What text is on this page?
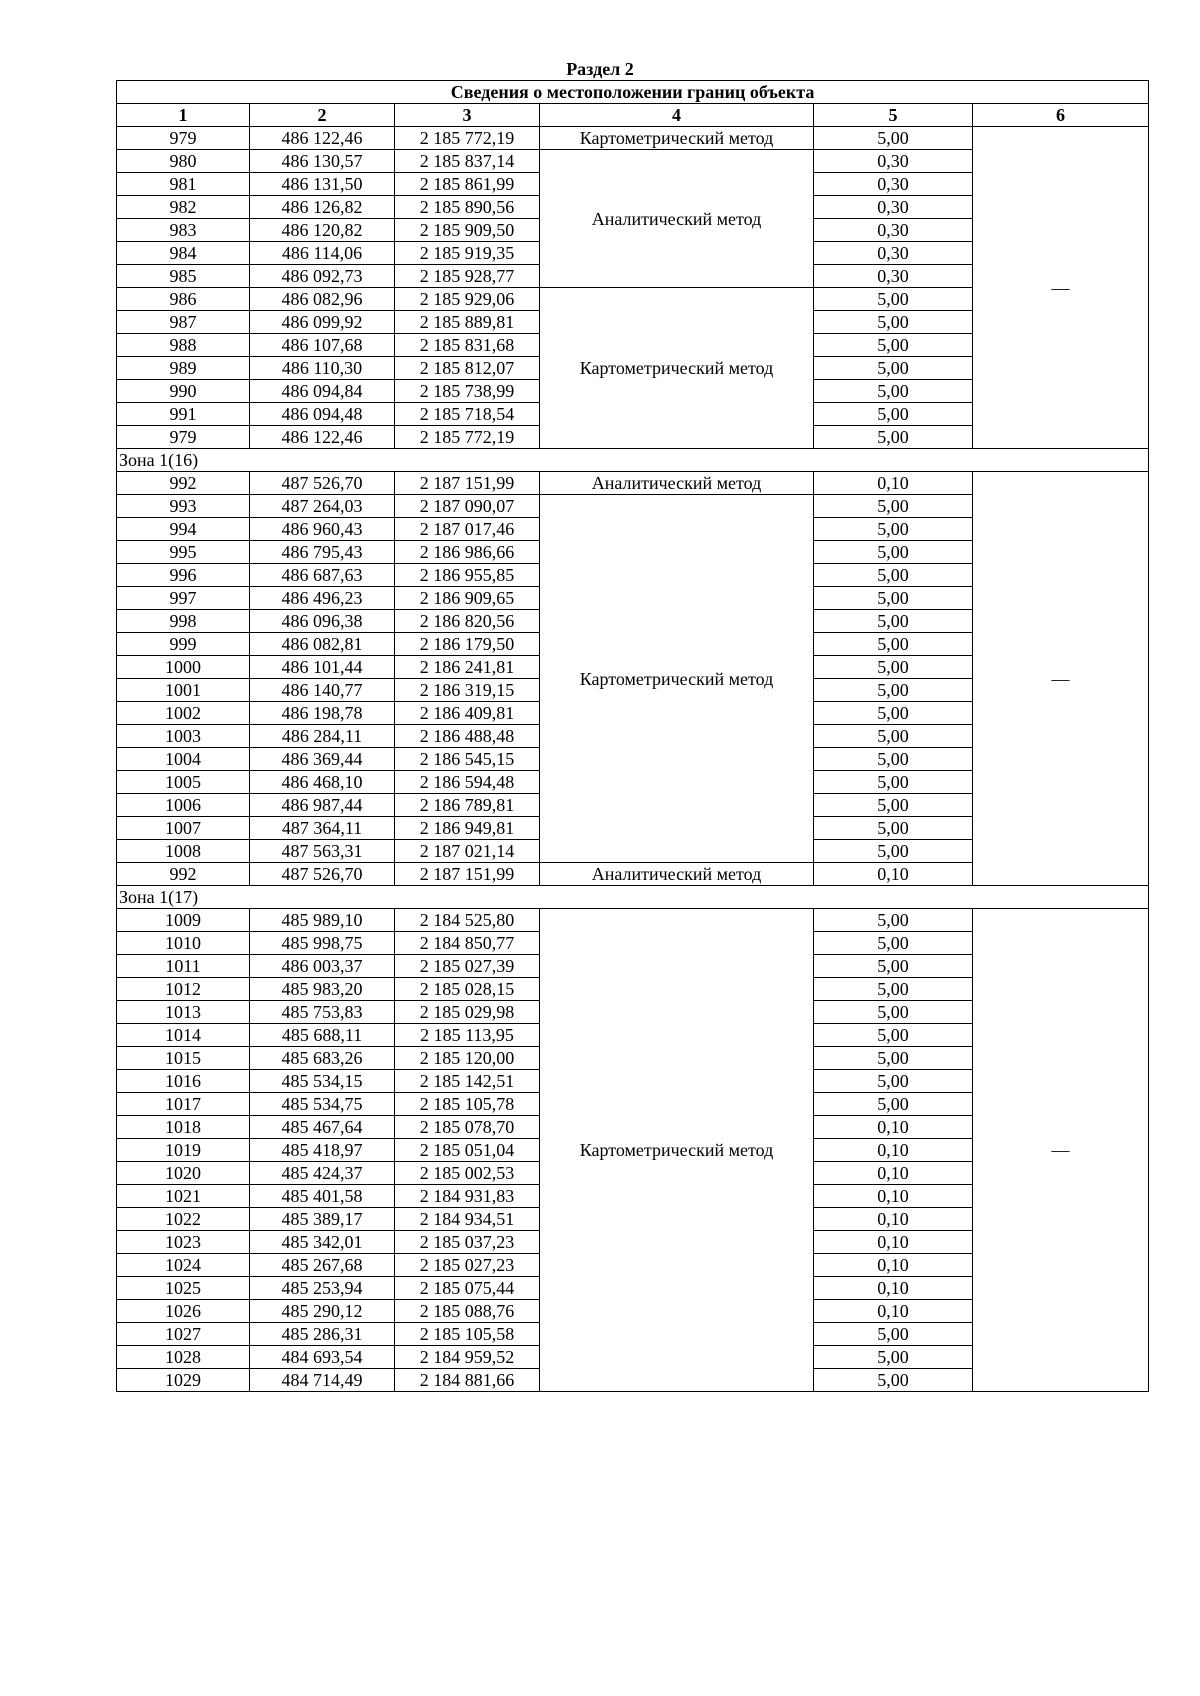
Раздел 2
Сведения о местоположении границ объекта					
1	2	3	4	5	6
979	486 122,46	2 185 772,19	Картометрический метод	5,00	—
980	486 130,57	2 185 837,14	Аналитический метод	0,30	
981	486 131,50	2 185 861,99		0,30	
982	486 126,82	2 185 890,56		0,30	
983	486 120,82	2 185 909,50		0,30	
984	486 114,06	2 185 919,35		0,30	
985	486 092,73	2 185 928,77		0,30	
986	486 082,96	2 185 929,06	Картометрический метод	5,00	
987	486 099,92	2 185 889,81		5,00	
988	486 107,68	2 185 831,68		5,00	
989	486 110,30	2 185 812,07		5,00	
990	486 094,84	2 185 738,99		5,00	
991	486 094,48	2 185 718,54		5,00	
979	486 122,46	2 185 772,19		5,00	
Зона 1(16)					
992	487 526,70	2 187 151,99	Аналитический метод	0,10	—
993	487 264,03	2 187 090,07	Картометрический метод	5,00	
994	486 960,43	2 187 017,46		5,00	
995	486 795,43	2 186 986,66		5,00	
996	486 687,63	2 186 955,85		5,00	
997	486 496,23	2 186 909,65		5,00	
998	486 096,38	2 186 820,56		5,00	
999	486 082,81	2 186 179,50		5,00	
1000	486 101,44	2 186 241,81		5,00	
1001	486 140,77	2 186 319,15		5,00	
1002	486 198,78	2 186 409,81		5,00	
1003	486 284,11	2 186 488,48		5,00	
1004	486 369,44	2 186 545,15		5,00	
1005	486 468,10	2 186 594,48		5,00	
1006	486 987,44	2 186 789,81		5,00	
1007	487 364,11	2 186 949,81		5,00	
1008	487 563,31	2 187 021,14		5,00	
992	487 526,70	2 187 151,99	Аналитический метод	0,10	
Зона 1(17)					
1009	485 989,10	2 184 525,80	Картометрический метод	5,00	—
1010	485 998,75	2 184 850,77		5,00	
1011	486 003,37	2 185 027,39		5,00	
1012	485 983,20	2 185 028,15		5,00	
1013	485 753,83	2 185 029,98		5,00	
1014	485 688,11	2 185 113,95		5,00	
1015	485 683,26	2 185 120,00		5,00	
1016	485 534,15	2 185 142,51		5,00	
1017	485 534,75	2 185 105,78		5,00	
1018	485 467,64	2 185 078,70		0,10	
1019	485 418,97	2 185 051,04		0,10	
1020	485 424,37	2 185 002,53		0,10	
1021	485 401,58	2 184 931,83		0,10	
1022	485 389,17	2 184 934,51		0,10	
1023	485 342,01	2 185 037,23		0,10	
1024	485 267,68	2 185 027,23		0,10	
1025	485 253,94	2 185 075,44		0,10	
1026	485 290,12	2 185 088,76		0,10	
1027	485 286,31	2 185 105,58		5,00	
1028	484 693,54	2 184 959,52		5,00	
1029	484 714,49	2 184 881,66		5,00	
